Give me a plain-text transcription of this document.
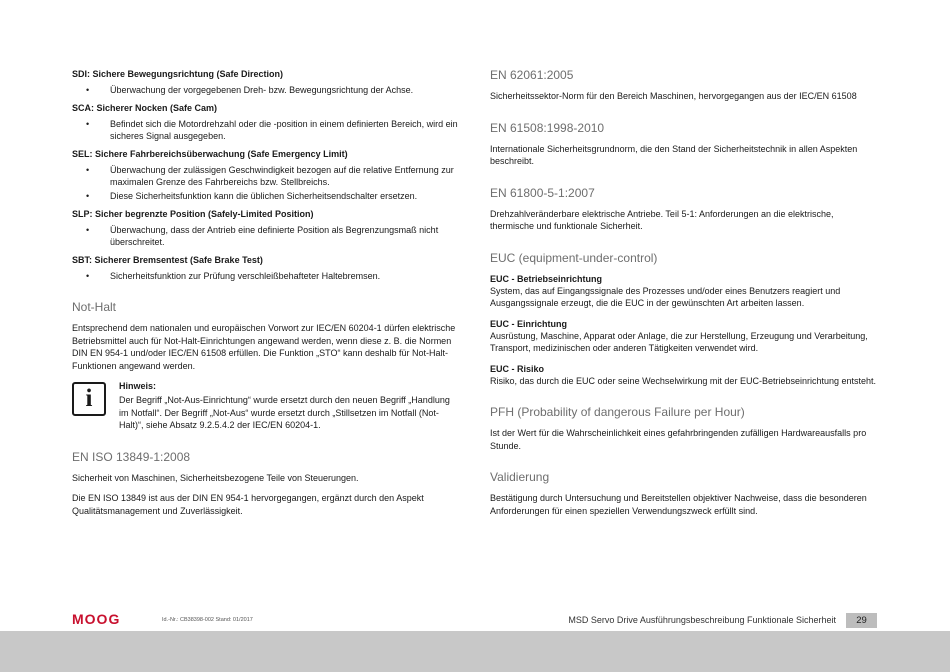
SDI: Sichere Bewegungsrichtung (Safe Direction)
• Überwachung der vorgegebenen Dreh- bzw. Bewegungsrichtung der Achse.
SCA: Sicherer Nocken (Safe Cam)
• Befindet sich die Motordrehzahl oder die -position in einem definierten Bereich, wird ein sicheres Signal ausgegeben.
SEL: Sichere Fahrbereichsüberwachung (Safe Emergency Limit)
• Überwachung der zulässigen Geschwindigkeit bezogen auf die relative Entfernung zur maximalen Grenze des Fahrbereichs bzw. Stellbreichs.
• Diese Sicherheitsfunktion kann die üblichen Sicherheitsendschalter ersetzen.
SLP: Sicher begrenzte Position (Safely-Limited Position)
• Überwachung, dass der Antrieb eine definierte Position als Begrenzungsmaß nicht überschreitet.
SBT: Sicherer Bremsentest (Safe Brake Test)
• Sicherheitsfunktion zur Prüfung verschleißbehafteter Haltebremsen.
Not-Halt
Entsprechend dem nationalen und europäischen Vorwort zur IEC/EN 60204-1 dürfen elektrische Betriebsmittel auch für Not-Halt-Einrichtungen angewand werden, wenn diese z. B. die Normen DIN EN 954-1 und/oder IEC/EN 61508 erfüllen. Die Funktion „STO“ kann deshalb für Not-Halt-Funktionen angewand werden.
i	Hinweis:
Der Begriff „Not-Aus-Einrichtung“ wurde ersetzt durch den neuen Begriff „Handlung im Notfall“. Der Begriff „Not-Aus“ wurde ersetzt durch „Stillsetzen im Notfall (Not-Halt)“, siehe Absatz 9.2.5.4.2 der IEC/EN 60204-1.
EN ISO 13849-1:2008
Sicherheit von Maschinen, Sicherheitsbezogene Teile von Steuerungen.
Die EN ISO 13849 ist aus der DIN EN 954-1 hervorgegangen, ergänzt durch den Aspekt Qualitätsmanagement und Zuverlässigkeit.
EN 62061:2005
Sicherheitssektor-Norm für den Bereich Maschinen, hervorgegangen aus der IEC/EN 61508
EN 61508:1998-2010
Internationale Sicherheitsgrundnorm, die den Stand der Sicherheitstechnik in allen Aspekten beschreibt.
EN 61800-5-1:2007
Drehzahlveränderbare elektrische Antriebe. Teil 5-1: Anforderungen an die elektrische, thermische und funktionale Sicherheit.
EUC (equipment-under-control)
EUC - Betriebseinrichtung
System, das auf Eingangssignale des Prozesses und/oder eines Benutzers reagiert und Ausgangssignale erzeugt, die die EUC in der gewünschten Art arbeiten lassen.
EUC - Einrichtung
Ausrüstung, Maschine, Apparat oder Anlage, die zur Herstellung, Erzeugung und Verarbeitung, Transport, medizinischen oder anderen Tätigkeiten verwendet wird.
EUC - Risiko
Risiko, das durch die EUC oder seine Wechselwirkung mit der EUC-Betriebseinrichtung entsteht.
PFH (Probability of dangerous Failure per Hour)
Ist der Wert für die Wahrscheinlichkeit eines gefahrbringenden zufälligen Hardwareausfalls pro Stunde.
Validierung
Bestätigung durch Untersuchung und Bereitstellen objektiver Nachweise, dass die besonderen Anforderungen für einen speziellen Verwendungszweck erfüllt sind.
MOOG	Id.-Nr.: CB38398-002 Stand: 01/2017	MSD Servo Drive Ausführungsbeschreibung Funktionale Sicherheit	29
